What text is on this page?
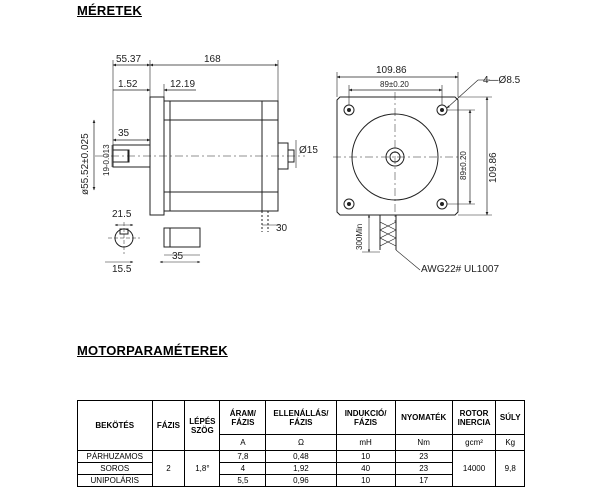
MÉRETEK
55.37	168
1.52	12.19
35
ø55.52±0.025 19-0.013	Ø15
30
21.5
15.5
35
109.86
89±0.20	4—Ø8.5
89±0.20 109.86
300Min
AWG22# UL1007
MOTORPARAMÉTEREK
BEKÖTÉS	FÁZIS	LÉPÉS SZÖG	ÁRAM/ FÁZIS	ELLENÁLLÁS/ FÁZIS	INDUKCIÓ/ FÁZIS	NYOMATÉK	ROTOR INERCIA	SÚLY
			A	Ω	mH	Nm	gcm²	Kg
PÁRHUZAMOS	2	1,8°	7,8	0,48	10	23	14000	9,8
SOROS			4	1,92	40	23		
UNIPOLÁRIS			5,5	0,96	10	17		
